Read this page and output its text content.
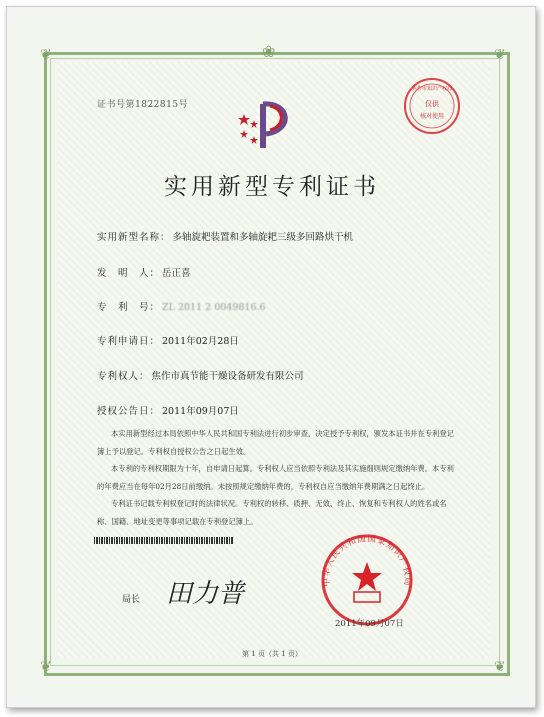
❦	❦
❦	❦
❀
证书号第1822815号
焦作市知识产权局
仅供
核对使用
实用新型专利证书
实用新型名称： 多轴旋耙装置和多轴旋耙三级多回路烘干机
发　明　人： 岳正喜
专　利　号： ZL 2011 2 0049816.6
专利申请日： 2011年02月28日
专利权人： 焦作市真节能干燥设备研发有限公司
授权公告日： 2011年09月07日

本实用新型经过本局依照中华人民共和国专利法进行初步审查，决定授予专利权，颁发本证书并在专利登记簿上予以登记。专利权自授权公告之日起生效。

本专利的专利权期限为十年，自申请日起算。专利权人应当依照专利法及其实施细则规定缴纳年费。本专利的年费应当在每年02月28日前缴纳。未按照规定缴纳年费的，专利权自应当缴纳年费期满之日起终止。

专利证书记载专利权登记时的法律状况。专利权的转移、质押、无效、终止、恢复和专利权人的姓名或名称、国籍、地址变更等事项记载在专利登记簿上。

局长 田力普	中华人民共和国国家知识产权局
2011年09月07日
第 1 页（共 1 页）
